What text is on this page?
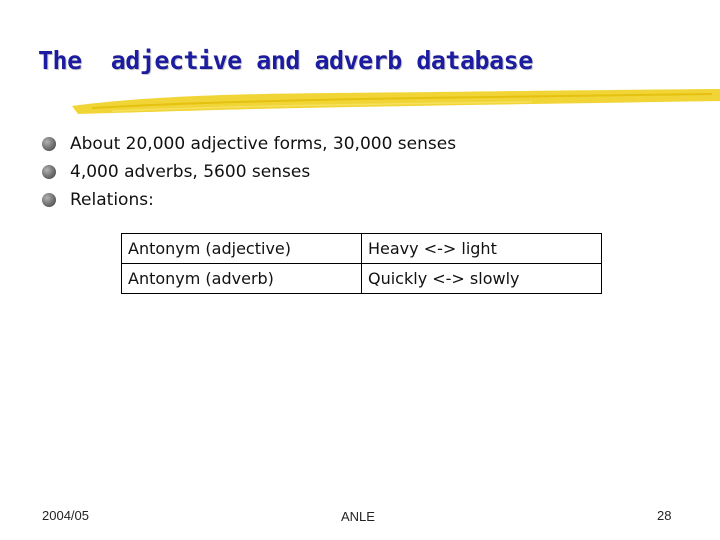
The  adjective and adverb database
About 20,000 adjective forms, 30,000 senses
4,000 adverbs, 5600 senses
Relations:
Antonym (adjective)	Heavy <-> light
Antonym (adverb)	Quickly <-> slowly
2004/05	ANLE	28
